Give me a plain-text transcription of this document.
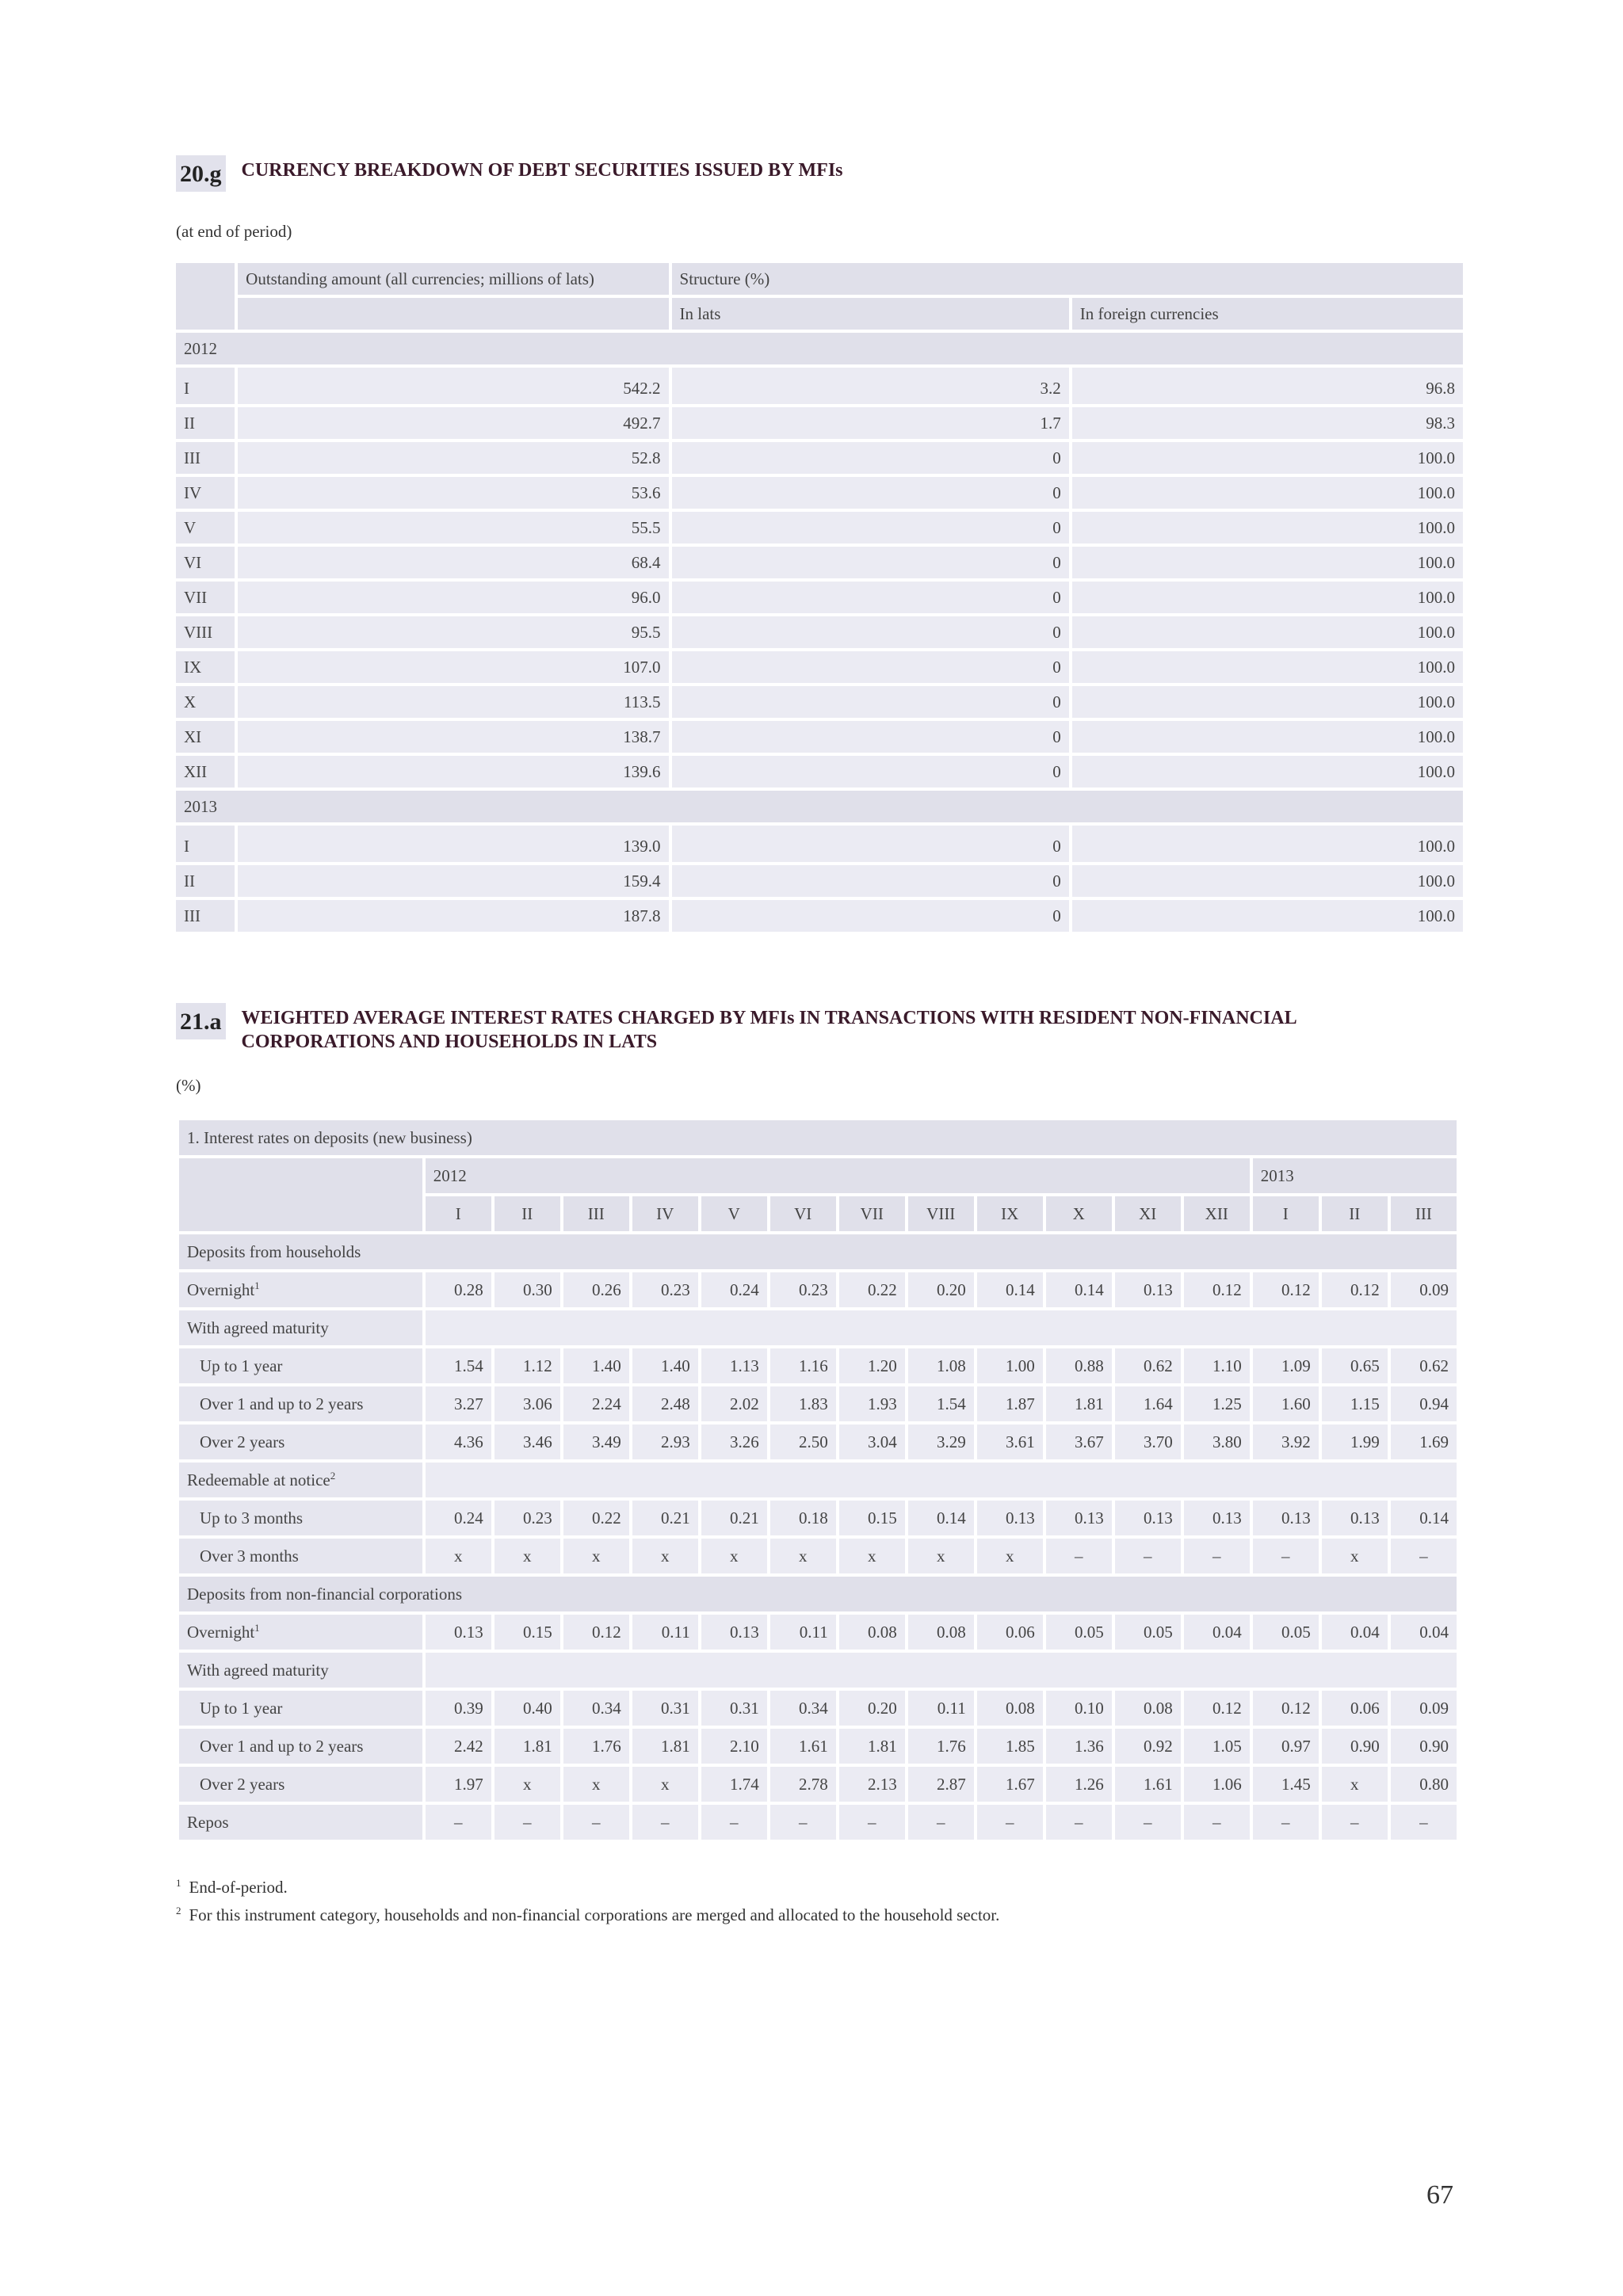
20.g CURRENCY BREAKDOWN OF DEBT SECURITIES ISSUED BY MFIs
(at end of period)
	Outstanding amount (all currencies; millions of lats)	Structure (%)	
		In lats	In foreign currencies
2012			
I	542.2	3.2	96.8
II	492.7	1.7	98.3
III	52.8	0	100.0
IV	53.6	0	100.0
V	55.5	0	100.0
VI	68.4	0	100.0
VII	96.0	0	100.0
VIII	95.5	0	100.0
IX	107.0	0	100.0
X	113.5	0	100.0
XI	138.7	0	100.0
XII	139.6	0	100.0
2013			
I	139.0	0	100.0
II	159.4	0	100.0
III	187.8	0	100.0
21.a WEIGHTED AVERAGE INTEREST RATES CHARGED BY MFIs IN TRANSACTIONS WITH RESIDENT NON-FINANCIAL
CORPORATIONS AND HOUSEHOLDS IN LATS
(%)
1. Interest rates on deposits (new business)															
	2012												2013		
	I	II	III	IV	V	VI	VII	VIII	IX	X	XI	XII	I	II	III
Deposits from households															
Overnight$^1$	0.28	0.30	0.26	0.23	0.24	0.23	0.22	0.20	0.14	0.14	0.13	0.12	0.12	0.12	0.09
With agreed maturity															
Up to 1 year	1.54	1.12	1.40	1.40	1.13	1.16	1.20	1.08	1.00	0.88	0.62	1.10	1.09	0.65	0.62
Over 1 and up to 2 years	3.27	3.06	2.24	2.48	2.02	1.83	1.93	1.54	1.87	1.81	1.64	1.25	1.60	1.15	0.94
Over 2 years	4.36	3.46	3.49	2.93	3.26	2.50	3.04	3.29	3.61	3.67	3.70	3.80	3.92	1.99	1.69
Redeemable at notice$^2$	
Up to 3 months	0.24	0.23	0.22	0.21	0.21	0.18	0.15	0.14	0.13	0.13	0.13	0.13	0.13	0.13	0.14
Over 3 months	x	x	x	x	x	x	x	x	x	–	–	–	–	x	–
Deposits from non-financial corporations															
Overnight$^1$	0.13	0.15	0.12	0.11	0.13	0.11	0.08	0.08	0.06	0.05	0.05	0.04	0.05	0.04	0.04
With agreed maturity															
Up to 1 year	0.39	0.40	0.34	0.31	0.31	0.34	0.20	0.11	0.08	0.10	0.08	0.12	0.12	0.06	0.09
Over 1 and up to 2 years	2.42	1.81	1.76	1.81	2.10	1.61	1.81	1.76	1.85	1.36	0.92	1.05	0.97	0.90	0.90
Over 2 years	1.97	x	x	x	1.74	2.78	2.13	2.87	1.67	1.26	1.61	1.06	1.45	x	0.80
Repos	–	–	–	–	–	–	–	–	–	–	–	–	–	–	–
$^1$ End-of-period.
$^2$ For this instrument category, households and non-financial corporations are merged and allocated to the household sector.
67
